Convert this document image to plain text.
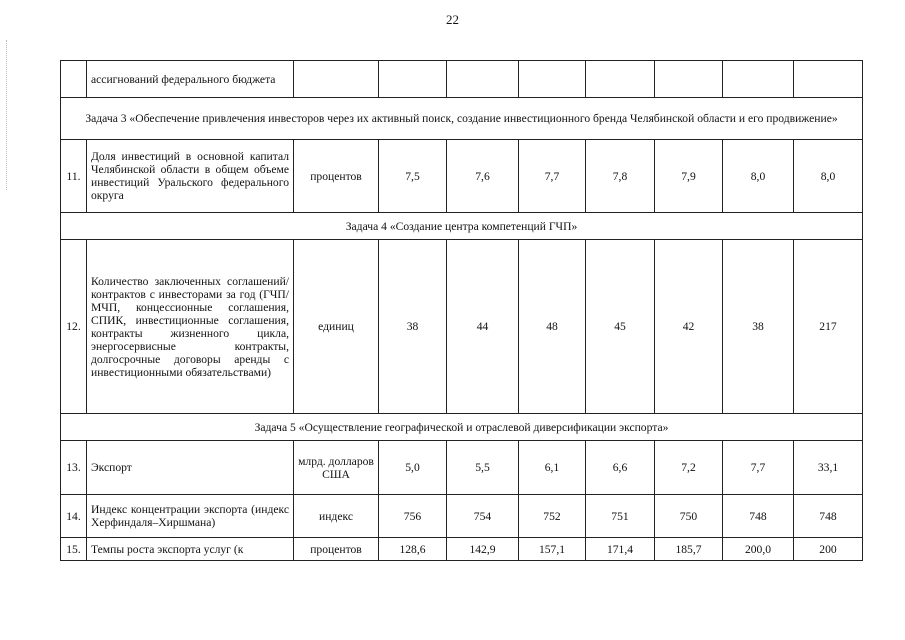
22
	ассигнований федерального бюджета								
Задача 3 «Обеспечение привлечения инвесторов через их активный поиск, создание инвестиционного бренда Челябинской области и его продвижение»									
11.	Доля инвестиций в основной капитал Челябинской области в общем объеме инвестиций Уральского федерального округа	процентов	7,5	7,6	7,7	7,8	7,9	8,0	8,0
Задача 4 «Создание центра компетенций ГЧП»									
12.	Количество заключенных соглашений/контрактов с инвесторами за год (ГЧП/МЧП, концессионные соглашения, СПИК, инвестиционные соглашения, контракты жизненного цикла, энергосервисные контракты, долгосрочные договоры аренды с инвестиционными обязательствами)	единиц	38	44	48	45	42	38	217
Задача 5 «Осуществление географической и отраслевой диверсификации экспорта»									
13.	Экспорт	млрд. долларов США	5,0	5,5	6,1	6,6	7,2	7,7	33,1
14.	Индекс концентрации экспорта (индекс Херфиндаля–Хиршмана)	индекс	756	754	752	751	750	748	748
15.	Темпы роста экспорта услуг (к	процентов	128,6	142,9	157,1	171,4	185,7	200,0	200
